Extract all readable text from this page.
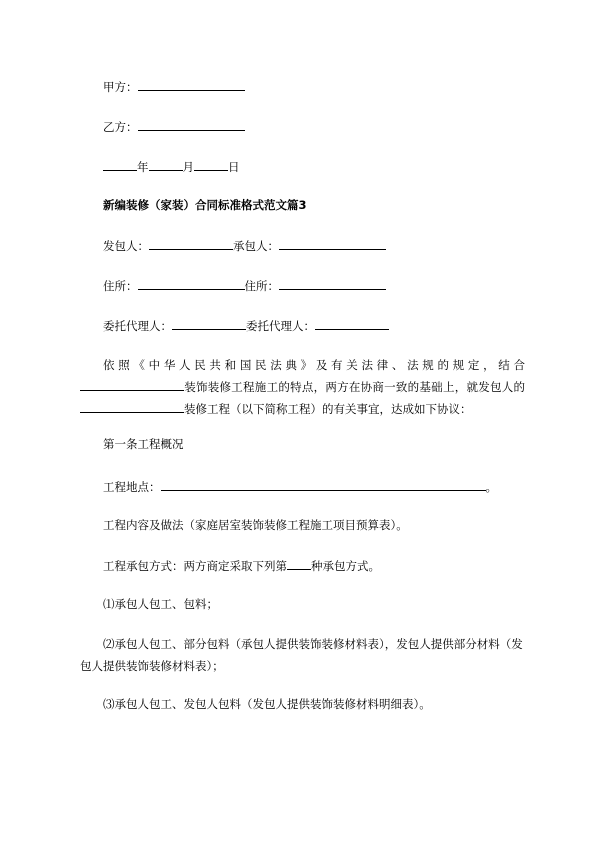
甲方：
乙方：
年	月	日
新编装修（家装）合同标准格式范文篇3
发包人：	承包人：
住所：	住所：
委托代理人：	委托代理人：
依照《中华人民共和国民法典》及有关法律、法规的规定，结合装饰装修工程施工的特点，两方在协商一致的基础上，就发包人的装修工程（以下简称工程）的有关事宜，达成如下协议：
第一条工程概况
工程地点：	。
工程内容及做法（家庭居室装饰装修工程施工项目预算表）。
工程承包方式：两方商定采取下列第 种承包方式。
⑴承包人包工、包料；
⑵承包人包工、部分包料（承包人提供装饰装修材料表），发包人提供部分材料（发包人提供装饰装修材料表）；
⑶承包人包工、发包人包料（发包人提供装饰装修材料明细表）。
